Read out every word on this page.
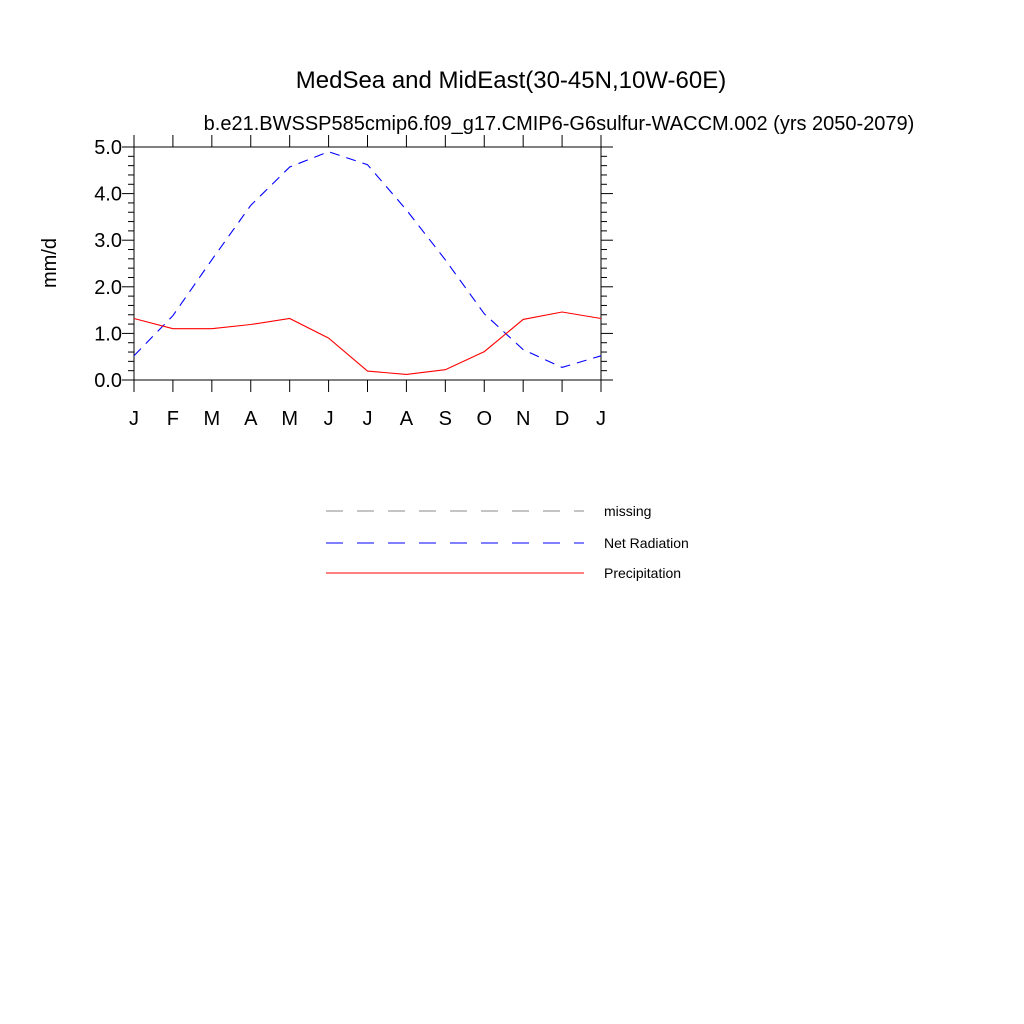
MedSea and MidEast(30-45N,10W-60E)
b.e21.BWSSP585cmip6.f09_g17.CMIP6-G6sulfur-WACCM.002 (yrs 2050-2079)
mm/d
0.0
1.0
2.0
3.0
4.0
5.0
J F M A M J J A S O N D J
missing
Net Radiation
Precipitation
